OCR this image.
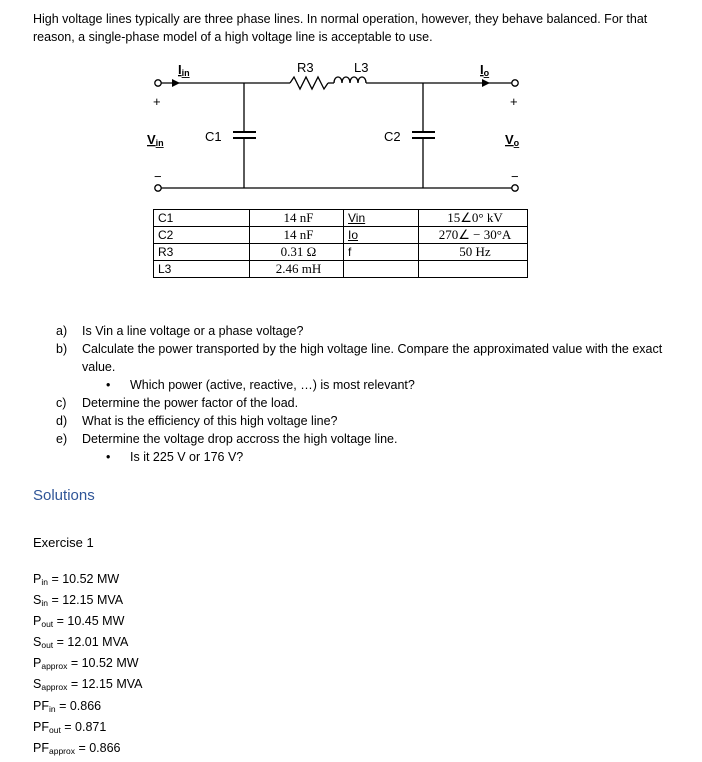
High voltage lines typically are three phase lines. In normal operation, however, they behave balanced. For that reason, a single-phase model of a high voltage line is acceptable to use.
Iin	R3	L3	Io
+	+
Vin	Vo
C1	C2
−	−
C1	14 nF	Vin	15∠0° kV
C2	14 nF	Io	270∠ − 30°A
R3	0.31 Ω	f	50 Hz
L3	2.46 mH		
a) Is Vin a line voltage or a phase voltage?
b) Calculate the power transported by the high voltage line. Compare the approximated value with the exact value.
• Which power (active, reactive, …) is most relevant?
c) Determine the power factor of the load.
d) What is the efficiency of this high voltage line?
e) Determine the voltage drop accross the high voltage line.
• Is it 225 V or 176 V?
Solutions
Exercise 1
$P_{in} = 10.52$ MW
$S_{in} = 12.15$ MVA
$P_{out} = 10.45$ MW
$S_{out} = 12.01$ MVA
$P_{approx} = 10.52$ MW
$S_{approx} = 12.15$ MVA
$PF_{in} = 0.866$
$PF_{out} = 0.871$
$PF_{approx} = 0.866$
